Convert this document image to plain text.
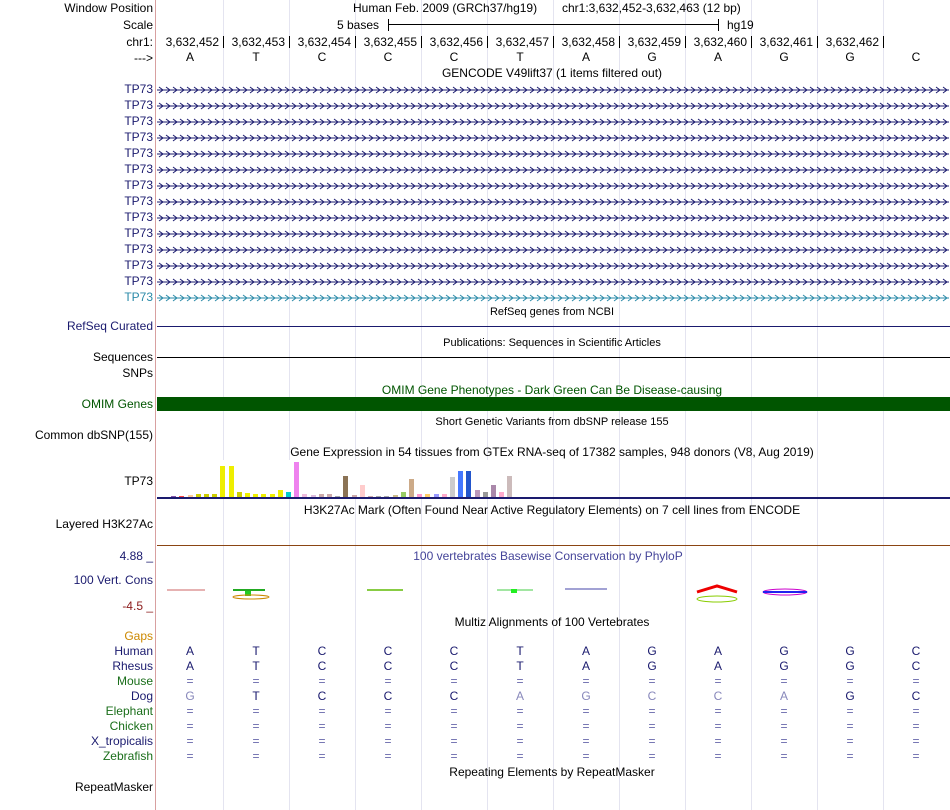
Window Position
Scale
chr1:
--->
Human Feb. 2009 (GRCh37/hg19) chr1:3,632,452-3,632,463 (12 bp)
5 bases	hg19
3,632,452	3,632,453	3,632,454	3,632,455	3,632,456	3,632,457	3,632,458	3,632,459	3,632,460	3,632,461	3,632,462
A	T	C	C	C	T	A	G	A	G	G	C
GENCODE V49lift37 (1 items filtered out)
TP73
TP73
TP73
TP73
TP73
TP73
TP73
TP73
TP73
TP73
TP73
TP73
TP73
TP73
RefSeq genes from NCBI
RefSeq Curated
Publications: Sequences in Scientific Articles
Sequences
SNPs
OMIM Gene Phenotypes - Dark Green Can Be Disease-causing
OMIM Genes
Short Genetic Variants from dbSNP release 155
Common dbSNP(155)
Gene Expression in 54 tissues from GTEx RNA-seq of 17382 samples, 948 donors (V8, Aug 2019)
TP73
H3K27Ac Mark (Often Found Near Active Regulatory Elements) on 7 cell lines from ENCODE
Layered H3K27Ac
100 vertebrates Basewise Conservation by PhyloP
4.88 _
100 Vert. Cons
-4.5 _
Multiz Alignments of 100 Vertebrates
Gaps
Human	A	T	C	C	C	T	A	G	A	G	G	C
Rhesus	A	T	C	C	C	T	A	G	A	G	G	C
Mouse	=	=	=	=	=	=	=	=	=	=	=	=
Dog	G	T	C	C	C	A	G	C	C	A	G	C
Elephant	=	=	=	=	=	=	=	=	=	=	=	=
Chicken	=	=	=	=	=	=	=	=	=	=	=	=
X_tropicalis	=	=	=	=	=	=	=	=	=	=	=	=
Zebrafish	=	=	=	=	=	=	=	=	=	=	=	=
Repeating Elements by RepeatMasker
RepeatMasker
